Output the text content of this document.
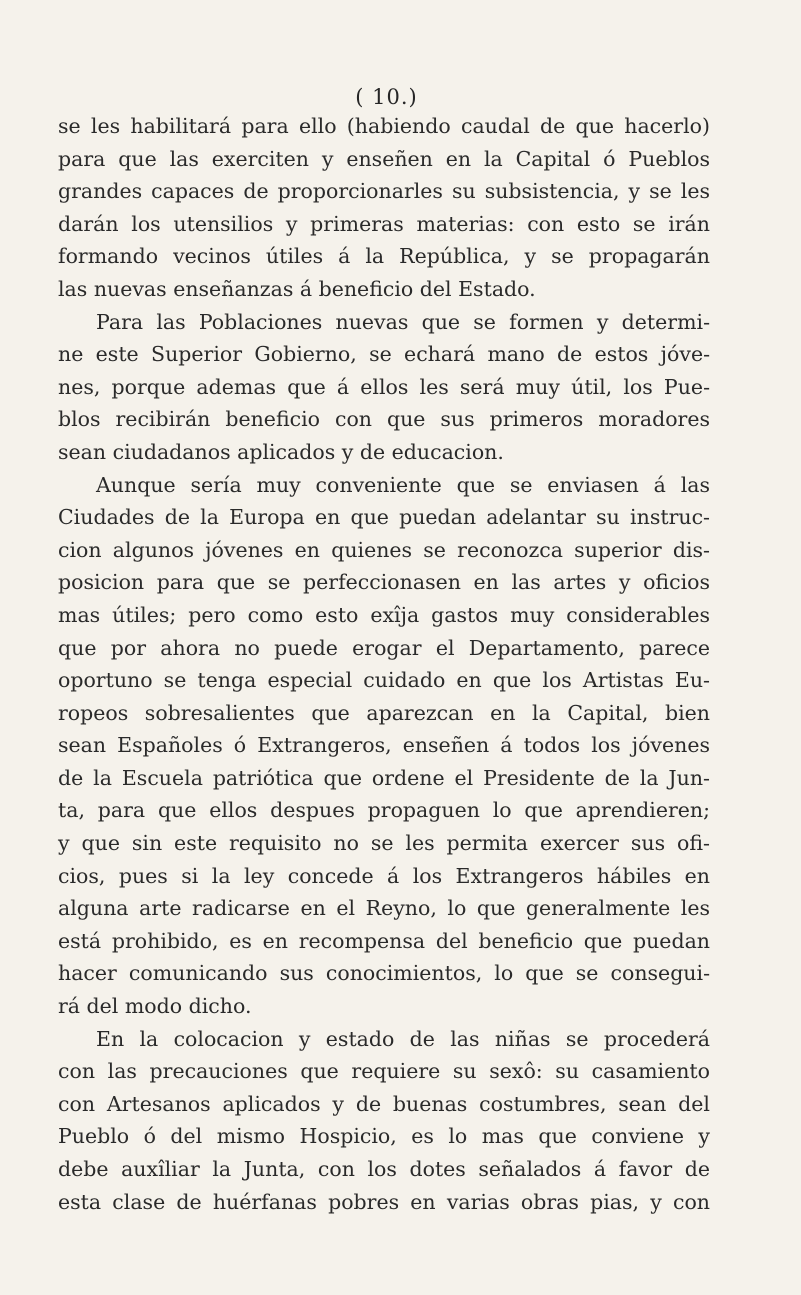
( 10.)
se les habilitará para ello (habiendo caudal de que hacerlo)
para que las exerciten y enseñen en la Capital ó Pueblos
grandes capaces de proporcionarles su subsistencia, y se les
darán los utensilios y primeras materias: con esto se irán
formando vecinos útiles á la República, y se propagarán
las nuevas enseñanzas á beneficio del Estado.
Para las Poblaciones nuevas que se formen y determi-
ne este Superior Gobierno, se echará mano de estos jóve-
nes, porque ademas que á ellos les será muy útil, los Pue-
blos recibirán beneficio con que sus primeros moradores
sean ciudadanos aplicados y de educacion.
Aunque sería muy conveniente que se enviasen á las
Ciudades de la Europa en que puedan adelantar su instruc-
cion algunos jóvenes en quienes se reconozca superior dis-
posicion para que se perfeccionasen en las artes y oficios
mas útiles; pero como esto exîja gastos muy considerables
que por ahora no puede erogar el Departamento, parece
oportuno se tenga especial cuidado en que los Artistas Eu-
ropeos sobresalientes que aparezcan en la Capital, bien
sean Españoles ó Extrangeros, enseñen á todos los jóvenes
de la Escuela patriótica que ordene el Presidente de la Jun-
ta, para que ellos despues propaguen lo que aprendieren;
y que sin este requisito no se les permita exercer sus ofi-
cios, pues si la ley concede á los Extrangeros hábiles en
alguna arte radicarse en el Reyno, lo que generalmente les
está prohibido, es en recompensa del beneficio que puedan
hacer comunicando sus conocimientos, lo que se consegui-
rá del modo dicho.
En la colocacion y estado de las niñas se procederá
con las precauciones que requiere su sexô: su casamiento
con Artesanos aplicados y de buenas costumbres, sean del
Pueblo ó del mismo Hospicio, es lo mas que conviene y
debe auxîliar la Junta, con los dotes señalados á favor de
esta clase de huérfanas pobres en varias obras pias, y con
